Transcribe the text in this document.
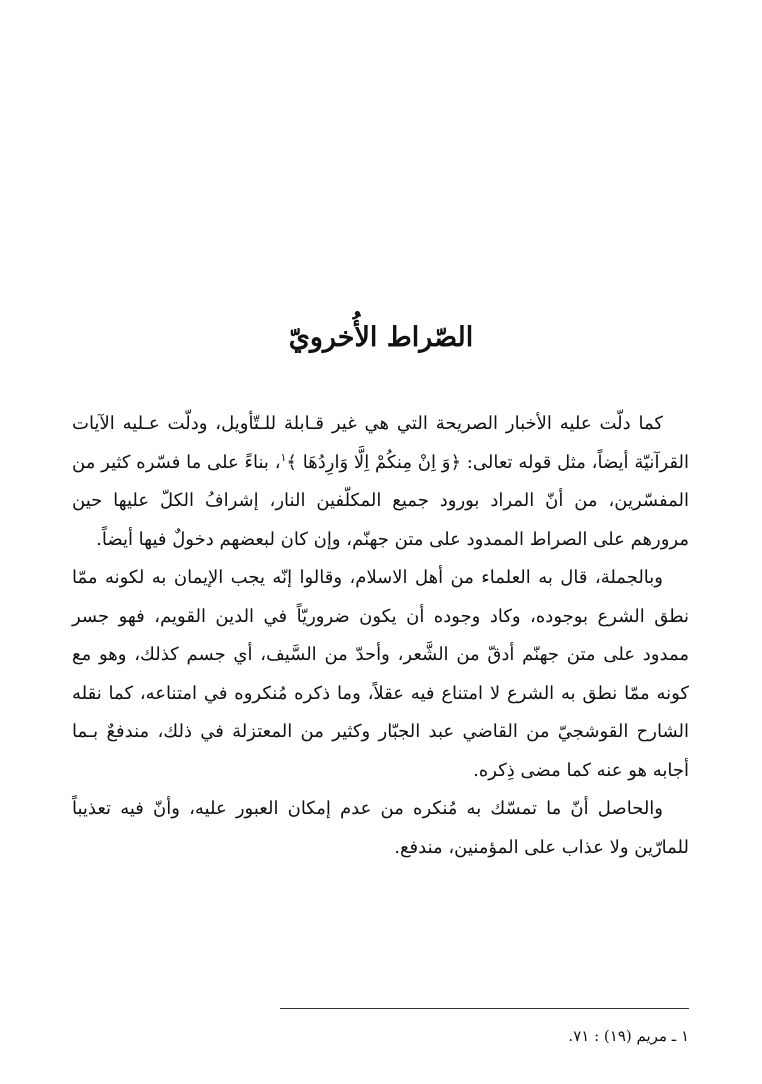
الصّراط الأُخرويّ

كما دلّت عليه الأخبار الصريحة التي هي غير قـابلة للـتّأويل، ودلّت عـليه الآيات القرآنيّة أيضاً، مثل قوله تعالى: ﴿وَ اِنْ مِنكُمْ اِلَّا وَارِدُهَا ﴾$^١$، بناءً على ما فسّره كثير من المفسّرين، من أنّ المراد بورود جميع المكلّفين النار، إشرافُ الكلّ عليها حين مرورهم على الصراط الممدود على متن جهنّم، وإن كان لبعضهم دخولٌ فيها أيضاً.

وبالجملة، قال به العلماء من أهل الاسلام، وقالوا إنّه يجب الإيمان به لكونه ممّا نطق الشرع بوجوده، وكاد وجوده أن يكون ضروريّاً في الدين القويم، فهو جسر ممدود على متن جهنّم أدقّ من الشَّعر، وأحدّ من السَّيف، أي جسم كذلك، وهو مع كونه ممّا نطق به الشرع لا امتناع فيه عقلاً، وما ذكره مُنكروه في امتناعه، كما نقله الشارح القوشجيّ من القاضي عبد الجبّار وكثير من المعتزلة في ذلك، مندفعٌ بـما أجابه هو عنه كما مضى ذِكره.

والحاصل أنّ ما تمسّك به مُنكره من عدم إمكان العبور عليه، وأنّ فيه تعذيباً للمارّين ولا عذاب على المؤمنين، مندفع.

١ ـ مريم (١٩) : ٧١.
